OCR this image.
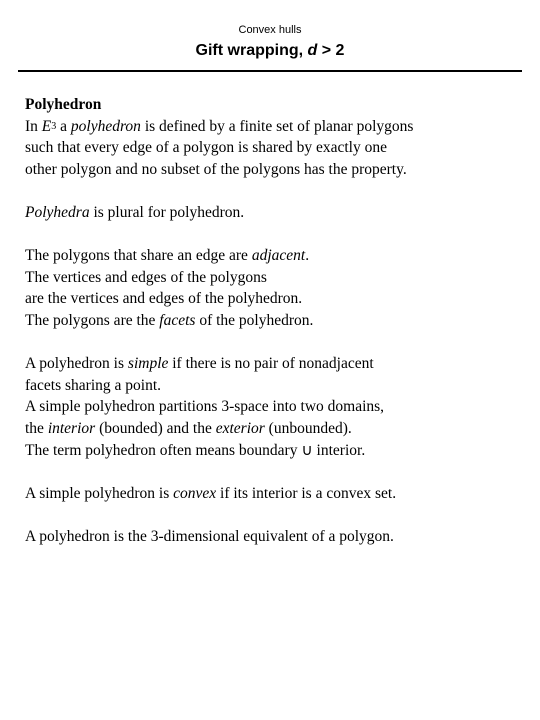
Convex hulls
Gift wrapping, d > 2

Polyhedron
In $E^3$ a polyhedron is defined by a finite set of planar polygons
such that every edge of a polygon is shared by exactly one
other polygon and no subset of the polygons has the property.

Polyhedra is plural for polyhedron.

The polygons that share an edge are adjacent.
The vertices and edges of the polygons
are the vertices and edges of the polyhedron.
The polygons are the facets of the polyhedron.

A polyhedron is simple if there is no pair of nonadjacent
facets sharing a point.
A simple polyhedron partitions 3-space into two domains,
the interior (bounded) and the exterior (unbounded).
The term polyhedron often means boundary ∪ interior.

A simple polyhedron is convex if its interior is a convex set.

A polyhedron is the 3-dimensional equivalent of a polygon.
